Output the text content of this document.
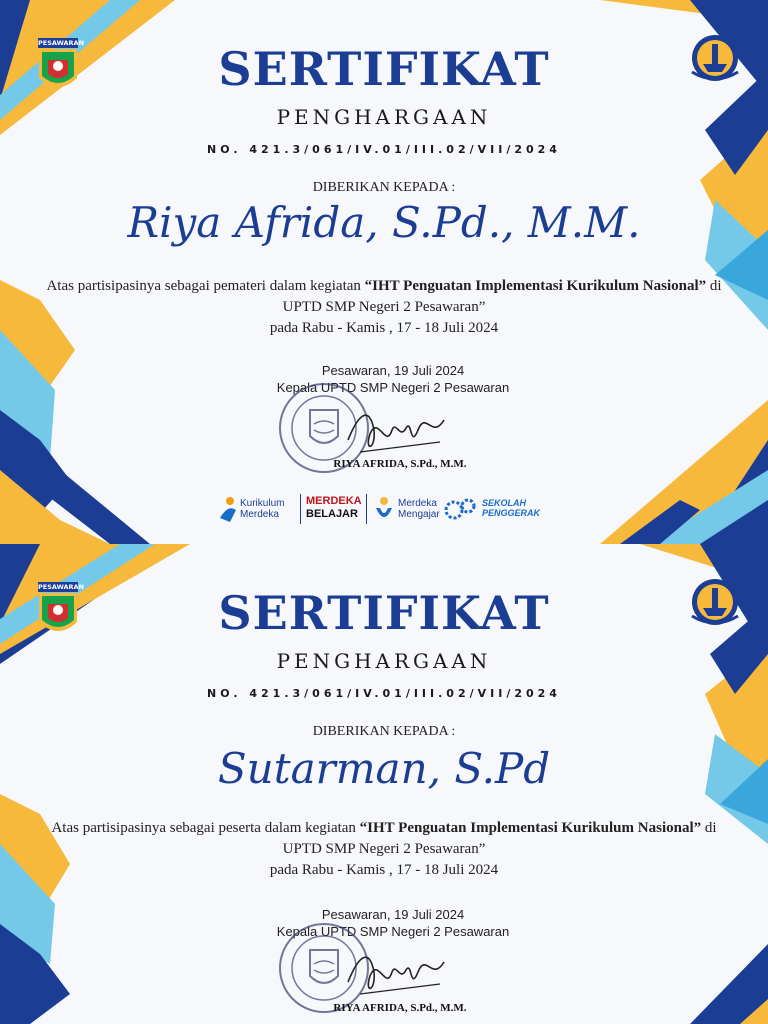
PESAWARAN	SERTIFIKAT
PENGHARGAAN
NO. 421.3/061/IV.01/III.02/VII/2024
DIBERIKAN KEPADA :
Riya Afrida, S.Pd., M.M.
Atas partisipasinya sebagai pemateri dalam kegiatan “IHT Penguatan Implementasi Kurikulum Nasional” di UPTD SMP Negeri 2 Pesawaran”
pada Rabu - Kamis , 17 - 18 Juli 2024
Pesawaran, 19 Juli 2024
Kepala UPTD SMP Negeri 2 Pesawaran
RIYA AFRIDA, S.Pd., M.M.
Kurikulum
Merdeka
MERDEKA
BELAJAR
Merdeka
Mengajar
SEKOLAH
PENGGERAK
PESAWARAN	SERTIFIKAT
PENGHARGAAN
NO. 421.3/061/IV.01/III.02/VII/2024
DIBERIKAN KEPADA :
Sutarman, S.Pd
Atas partisipasinya sebagai peserta dalam kegiatan “IHT Penguatan Implementasi Kurikulum Nasional” di UPTD SMP Negeri 2 Pesawaran”
pada Rabu - Kamis , 17 - 18 Juli 2024
Pesawaran, 19 Juli 2024
Kepala UPTD SMP Negeri 2 Pesawaran
RIYA AFRIDA, S.Pd., M.M.
